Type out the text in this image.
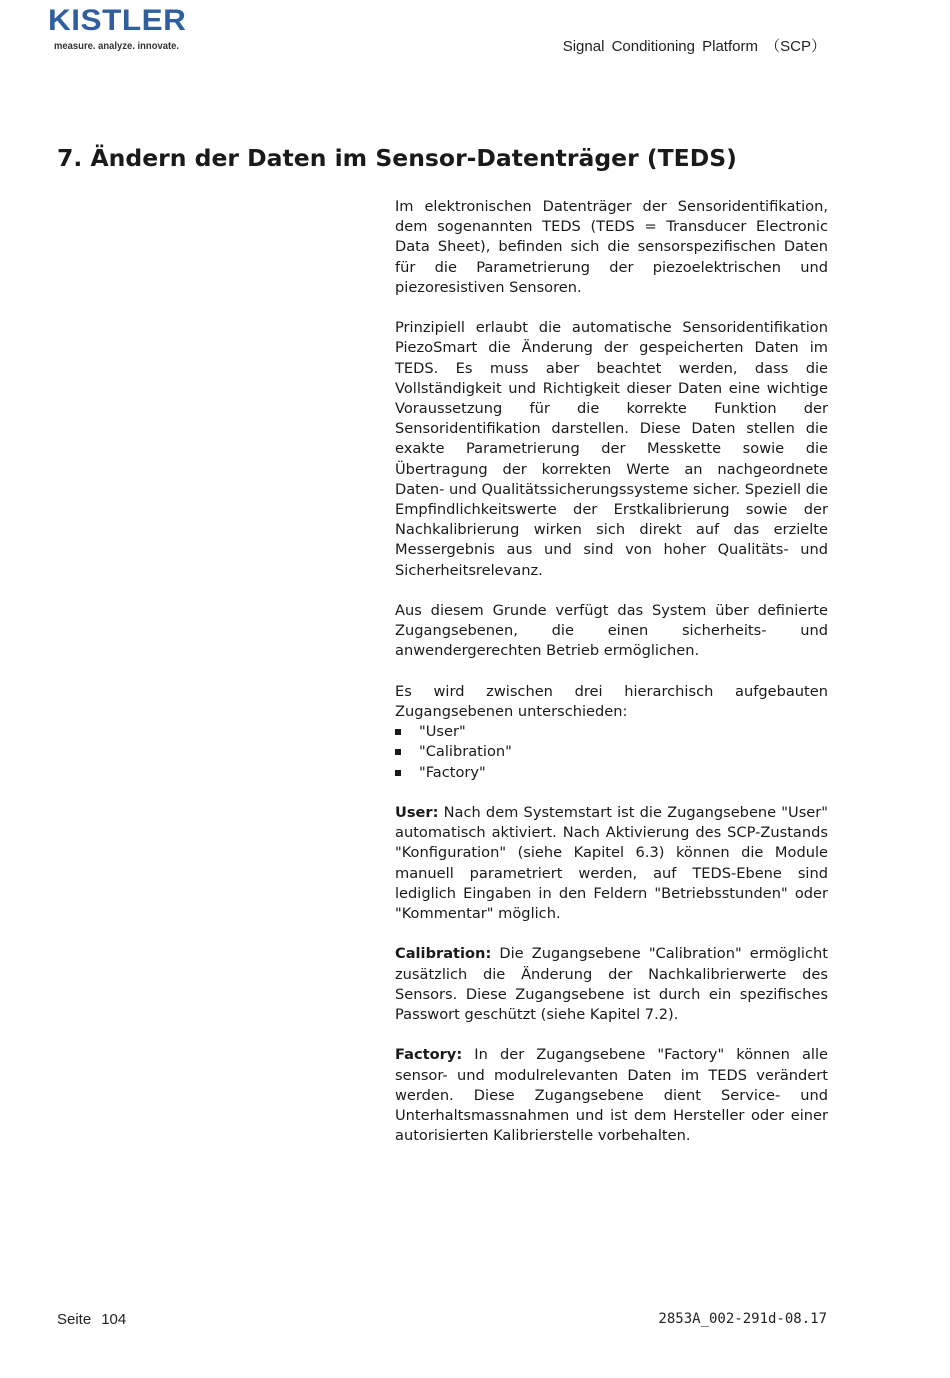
KISTLER
measure. analyze. innovate.	Signal Conditioning Platform （SCP）
7. Ändern der Daten im Sensor-Datenträger (TEDS)

Im elektronischen Datenträger der Sensoridentifikation, dem sogenannten TEDS (TEDS = Transducer Electronic Data Sheet), befinden sich die sensorspezifischen Daten für die Parametrierung der piezoelektrischen und piezoresistiven Sensoren.

Prinzipiell erlaubt die automatische Sensoridentifikation PiezoSmart die Änderung der gespeicherten Daten im TEDS. Es muss aber beachtet werden, dass die Vollständigkeit und Richtigkeit dieser Daten eine wichtige Voraussetzung für die korrekte Funktion der Sensoridentifikation darstellen. Diese Daten stellen die exakte Parametrierung der Messkette sowie die Übertragung der korrekten Werte an nachgeordnete Daten- und Qualitätssicherungssysteme sicher. Speziell die Empfindlichkeitswerte der Erstkalibrierung sowie der Nachkalibrierung wirken sich direkt auf das erzielte Messergebnis aus und sind von hoher Qualitäts- und Sicherheitsrelevanz.

Aus diesem Grunde verfügt das System über definierte Zugangsebenen, die einen sicherheits- und anwendergerechten Betrieb ermöglichen.

Es wird zwischen drei hierarchisch aufgebauten Zugangsebenen unterschieden:

"User"
"Calibration"
"Factory"

User: Nach dem Systemstart ist die Zugangsebene "User" automatisch aktiviert. Nach Aktivierung des SCP-Zustands "Konfiguration" (siehe Kapitel 6.3) können die Module manuell parametriert werden, auf TEDS-Ebene sind lediglich Eingaben in den Feldern "Betriebsstunden" oder "Kommentar" möglich.

Calibration: Die Zugangsebene "Calibration" ermöglicht zusätzlich die Änderung der Nachkalibrierwerte des Sensors. Diese Zugangsebene ist durch ein spezifisches Passwort geschützt (siehe Kapitel 7.2).

Factory: In der Zugangsebene "Factory" können alle sensor- und modulrelevanten Daten im TEDS verändert werden. Diese Zugangsebene dient Service- und Unterhaltsmassnahmen und ist dem Hersteller oder einer autorisierten Kalibrierstelle vorbehalten.

Seite 104	2853A_002-291d-08.17
